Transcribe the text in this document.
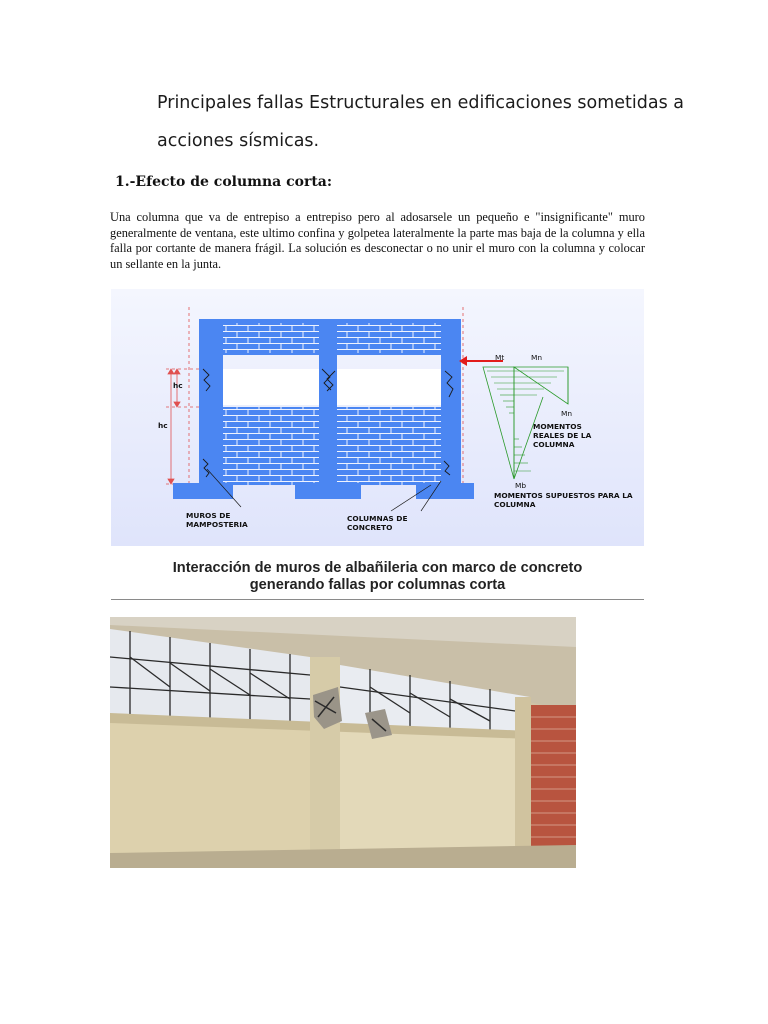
Principales fallas Estructurales en edificaciones sometidas a
acciones sísmicas.
1.-Efecto de columna corta:
Una columna que va de entrepiso a entrepiso pero al adosarsele un pequeño e "insignificante" muro generalmente de ventana, este ultimo confina y golpetea lateralmente la parte mas baja de la columna y ella falla por cortante de manera frágil. La solución es desconectar o no unir el muro con la columna y colocar un sellante en la junta.
hc
hc
Mt	Mn
Mn
Mb
MOMENTOS REALES DE LA COLUMNA
MOMENTOS SUPUESTOS PARA LA COLUMNA
MUROS DE MAMPOSTERIA
COLUMNAS DE CONCRETO
Interacción de muros de albañileria con marco de concreto
generando fallas por columnas corta
